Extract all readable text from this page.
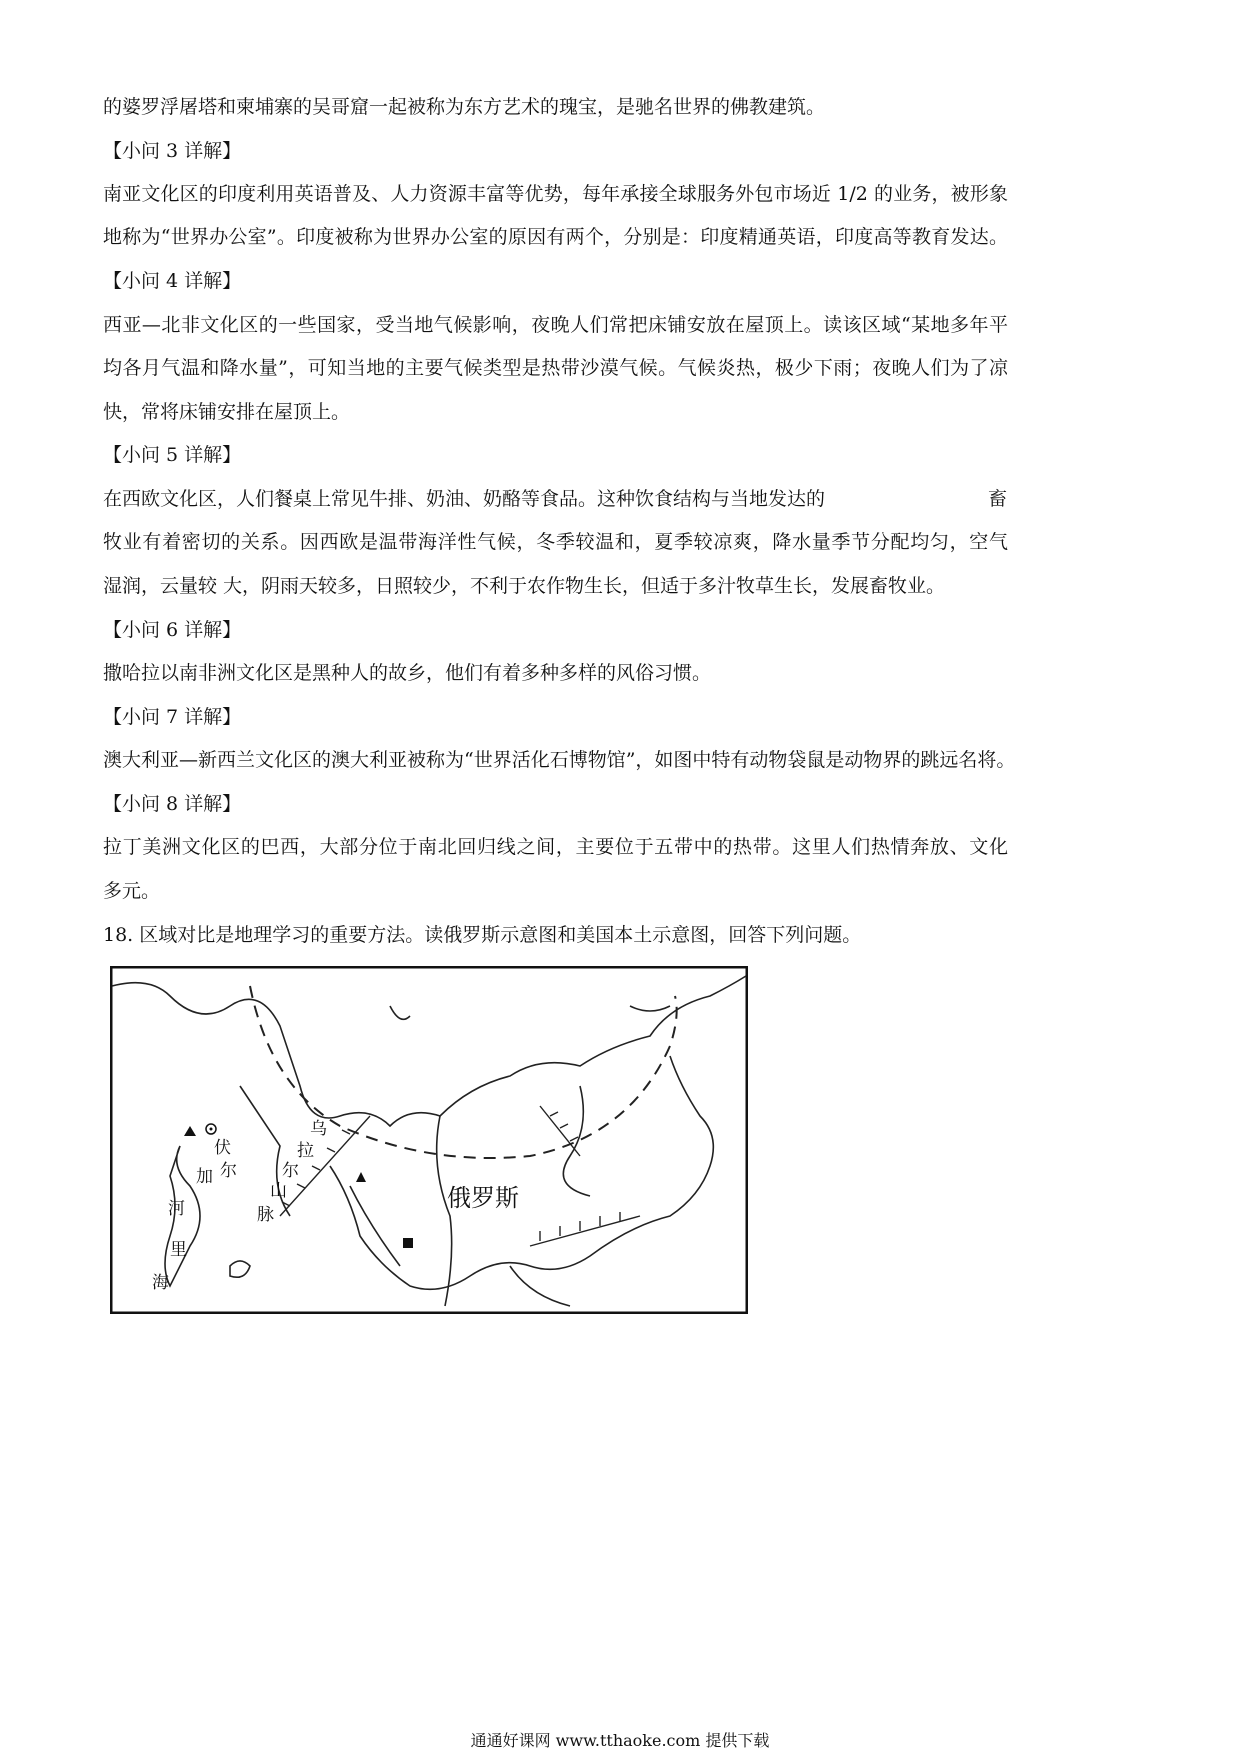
的婆罗浮屠塔和柬埔寨的吴哥窟一起被称为东方艺术的瑰宝，是驰名世界的佛教建筑。
【小问 3 详解】
南亚文化区的印度利用英语普及、人力资源丰富等优势，每年承接全球服务外包市场近 1/2 的业务，被形象
地称为“世界办公室”。印度被称为世界办公室的原因有两个，分别是：印度精通英语，印度高等教育发达。
【小问 4 详解】
西亚—北非文化区的一些国家，受当地气候影响，夜晚人们常把床铺安放在屋顶上。读该区域“某地多年平
均各月气温和降水量”，可知当地的主要气候类型是热带沙漠气候。气候炎热，极少下雨；夜晚人们为了凉
快，常将床铺安排在屋顶上。
【小问 5 详解】
在西欧文化区，人们餐桌上常见牛排、奶油、奶酪等食品。这种饮食结构与当地发达的	畜
牧业有着密切的关系。因西欧是温带海洋性气候，冬季较温和，夏季较凉爽，降水量季节分配均匀，空气
湿润，云量较 大，阴雨天较多，日照较少，不利于农作物生长，但适于多汁牧草生长，发展畜牧业。
【小问 6 详解】
撒哈拉以南非洲文化区是黑种人的故乡，他们有着多种多样的风俗习惯。
【小问 7 详解】
澳大利亚—新西兰文化区的澳大利亚被称为“世界活化石博物馆”，如图中特有动物袋鼠是动物界的跳远名将。
【小问 8 详解】
拉丁美洲文化区的巴西，大部分位于南北回归线之间，主要位于五带中的热带。这里人们热情奔放、文化
多元。
18. 区域对比是地理学习的重要方法。读俄罗斯示意图和美国本土示意图，回答下列问题。
伏
尔
加
河
里
海
乌
拉
尔
山
脉
俄罗斯
通通好课网 www.tthaoke.com 提供下载
